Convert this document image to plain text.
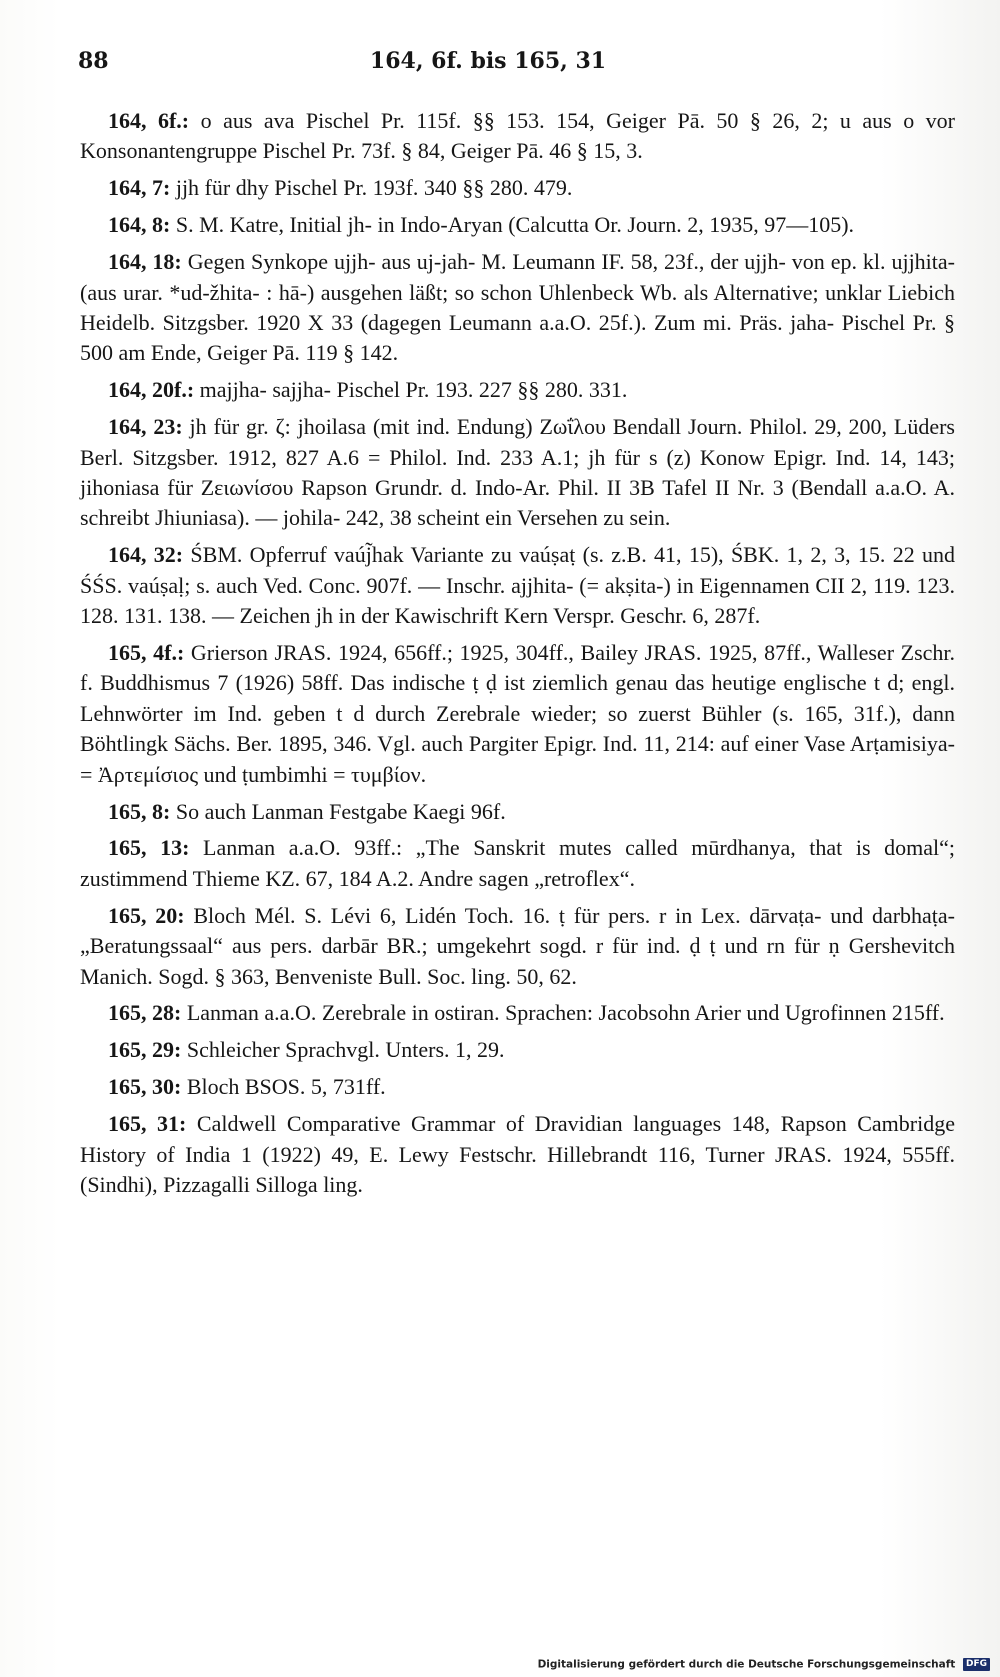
88	164, 6f. bis 165, 31

164, 6f.: o aus ava Pischel Pr. 115f. §§ 153. 154, Geiger Pā. 50 § 26, 2; u aus o vor Konsonantengruppe Pischel Pr. 73f. § 84, Geiger Pā. 46 § 15, 3.

164, 7: jjh für dhy Pischel Pr. 193f. 340 §§ 280. 479.

164, 8: S. M. Katre, Initial jh- in Indo-Aryan (Calcutta Or. Journ. 2, 1935, 97—105).

164, 18: Gegen Synkope ujjh- aus uj-jah- M. Leumann IF. 58, 23f., der ujjh- von ep. kl. ujjhita- (aus urar. *ud-žhita- : hā-) ausgehen läßt; so schon Uhlenbeck Wb. als Alternative; unklar Liebich Heidelb. Sitzgsber. 1920 X 33 (dagegen Leumann a.a.O. 25f.). Zum mi. Präs. jaha- Pischel Pr. § 500 am Ende, Geiger Pā. 119 § 142.

164, 20f.: majjha- sajjha- Pischel Pr. 193. 227 §§ 280. 331.

164, 23: jh für gr. ζ: jhoilasa (mit ind. Endung) Ζωΐλου Bendall Journ. Philol. 29, 200, Lüders Berl. Sitzgsber. 1912, 827 A.6 = Philol. Ind. 233 A.1; jh für s (z) Konow Epigr. Ind. 14, 143; jihoniasa für Ζειωνίσου Rapson Grundr. d. Indo-Ar. Phil. II 3B Tafel II Nr. 3 (Bendall a.a.O. A. schreibt Jhiuniasa). — johila- 242, 38 scheint ein Versehen zu sein.

164, 32: ŚBM. Opferruf vaúj̃hak Variante zu vaúṣaṭ (s. z.B. 41, 15), ŚBK. 1, 2, 3, 15. 22 und ŚŚS. vaúṣaḷ; s. auch Ved. Conc. 907f. — Inschr. ajjhita- (= akṣita-) in Eigennamen CII 2, 119. 123. 128. 131. 138. — Zeichen jh in der Kawischrift Kern Verspr. Geschr. 6, 287f.

165, 4f.: Grierson JRAS. 1924, 656ff.; 1925, 304ff., Bailey JRAS. 1925, 87ff., Walleser Zschr. f. Buddhismus 7 (1926) 58ff. Das indische ṭ ḍ ist ziemlich genau das heutige englische t d; engl. Lehnwörter im Ind. geben t d durch Zerebrale wieder; so zuerst Bühler (s. 165, 31f.), dann Böhtlingk Sächs. Ber. 1895, 346. Vgl. auch Pargiter Epigr. Ind. 11, 214: auf einer Vase Arṭamisiya- = Ἀρτεμίσιος und ṭumbimhi = τυμβίον.

165, 8: So auch Lanman Festgabe Kaegi 96f.

165, 13: Lanman a.a.O. 93ff.: „The Sanskrit mutes called mūrdhanya, that is domal“; zustimmend Thieme KZ. 67, 184 A.2. Andre sagen „retroflex“.

165, 20: Bloch Mél. S. Lévi 6, Lidén Toch. 16. ṭ für pers. r in Lex. dārvaṭa- und darbhaṭa- „Beratungssaal“ aus pers. darbār BR.; umgekehrt sogd. r für ind. ḍ ṭ und rn für ṇ Gershevitch Manich. Sogd. § 363, Benveniste Bull. Soc. ling. 50, 62.

165, 28: Lanman a.a.O. Zerebrale in ostiran. Sprachen: Jacobsohn Arier und Ugrofinnen 215ff.

165, 29: Schleicher Sprachvgl. Unters. 1, 29.

165, 30: Bloch BSOS. 5, 731ff.

165, 31: Caldwell Comparative Grammar of Dravidian languages 148, Rapson Cambridge History of India 1 (1922) 49, E. Lewy Festschr. Hillebrandt 116, Turner JRAS. 1924, 555ff. (Sindhi), Pizzagalli Silloga ling.

Digitalisierung gefördert durch die Deutsche Forschungsgemeinschaft DFG
